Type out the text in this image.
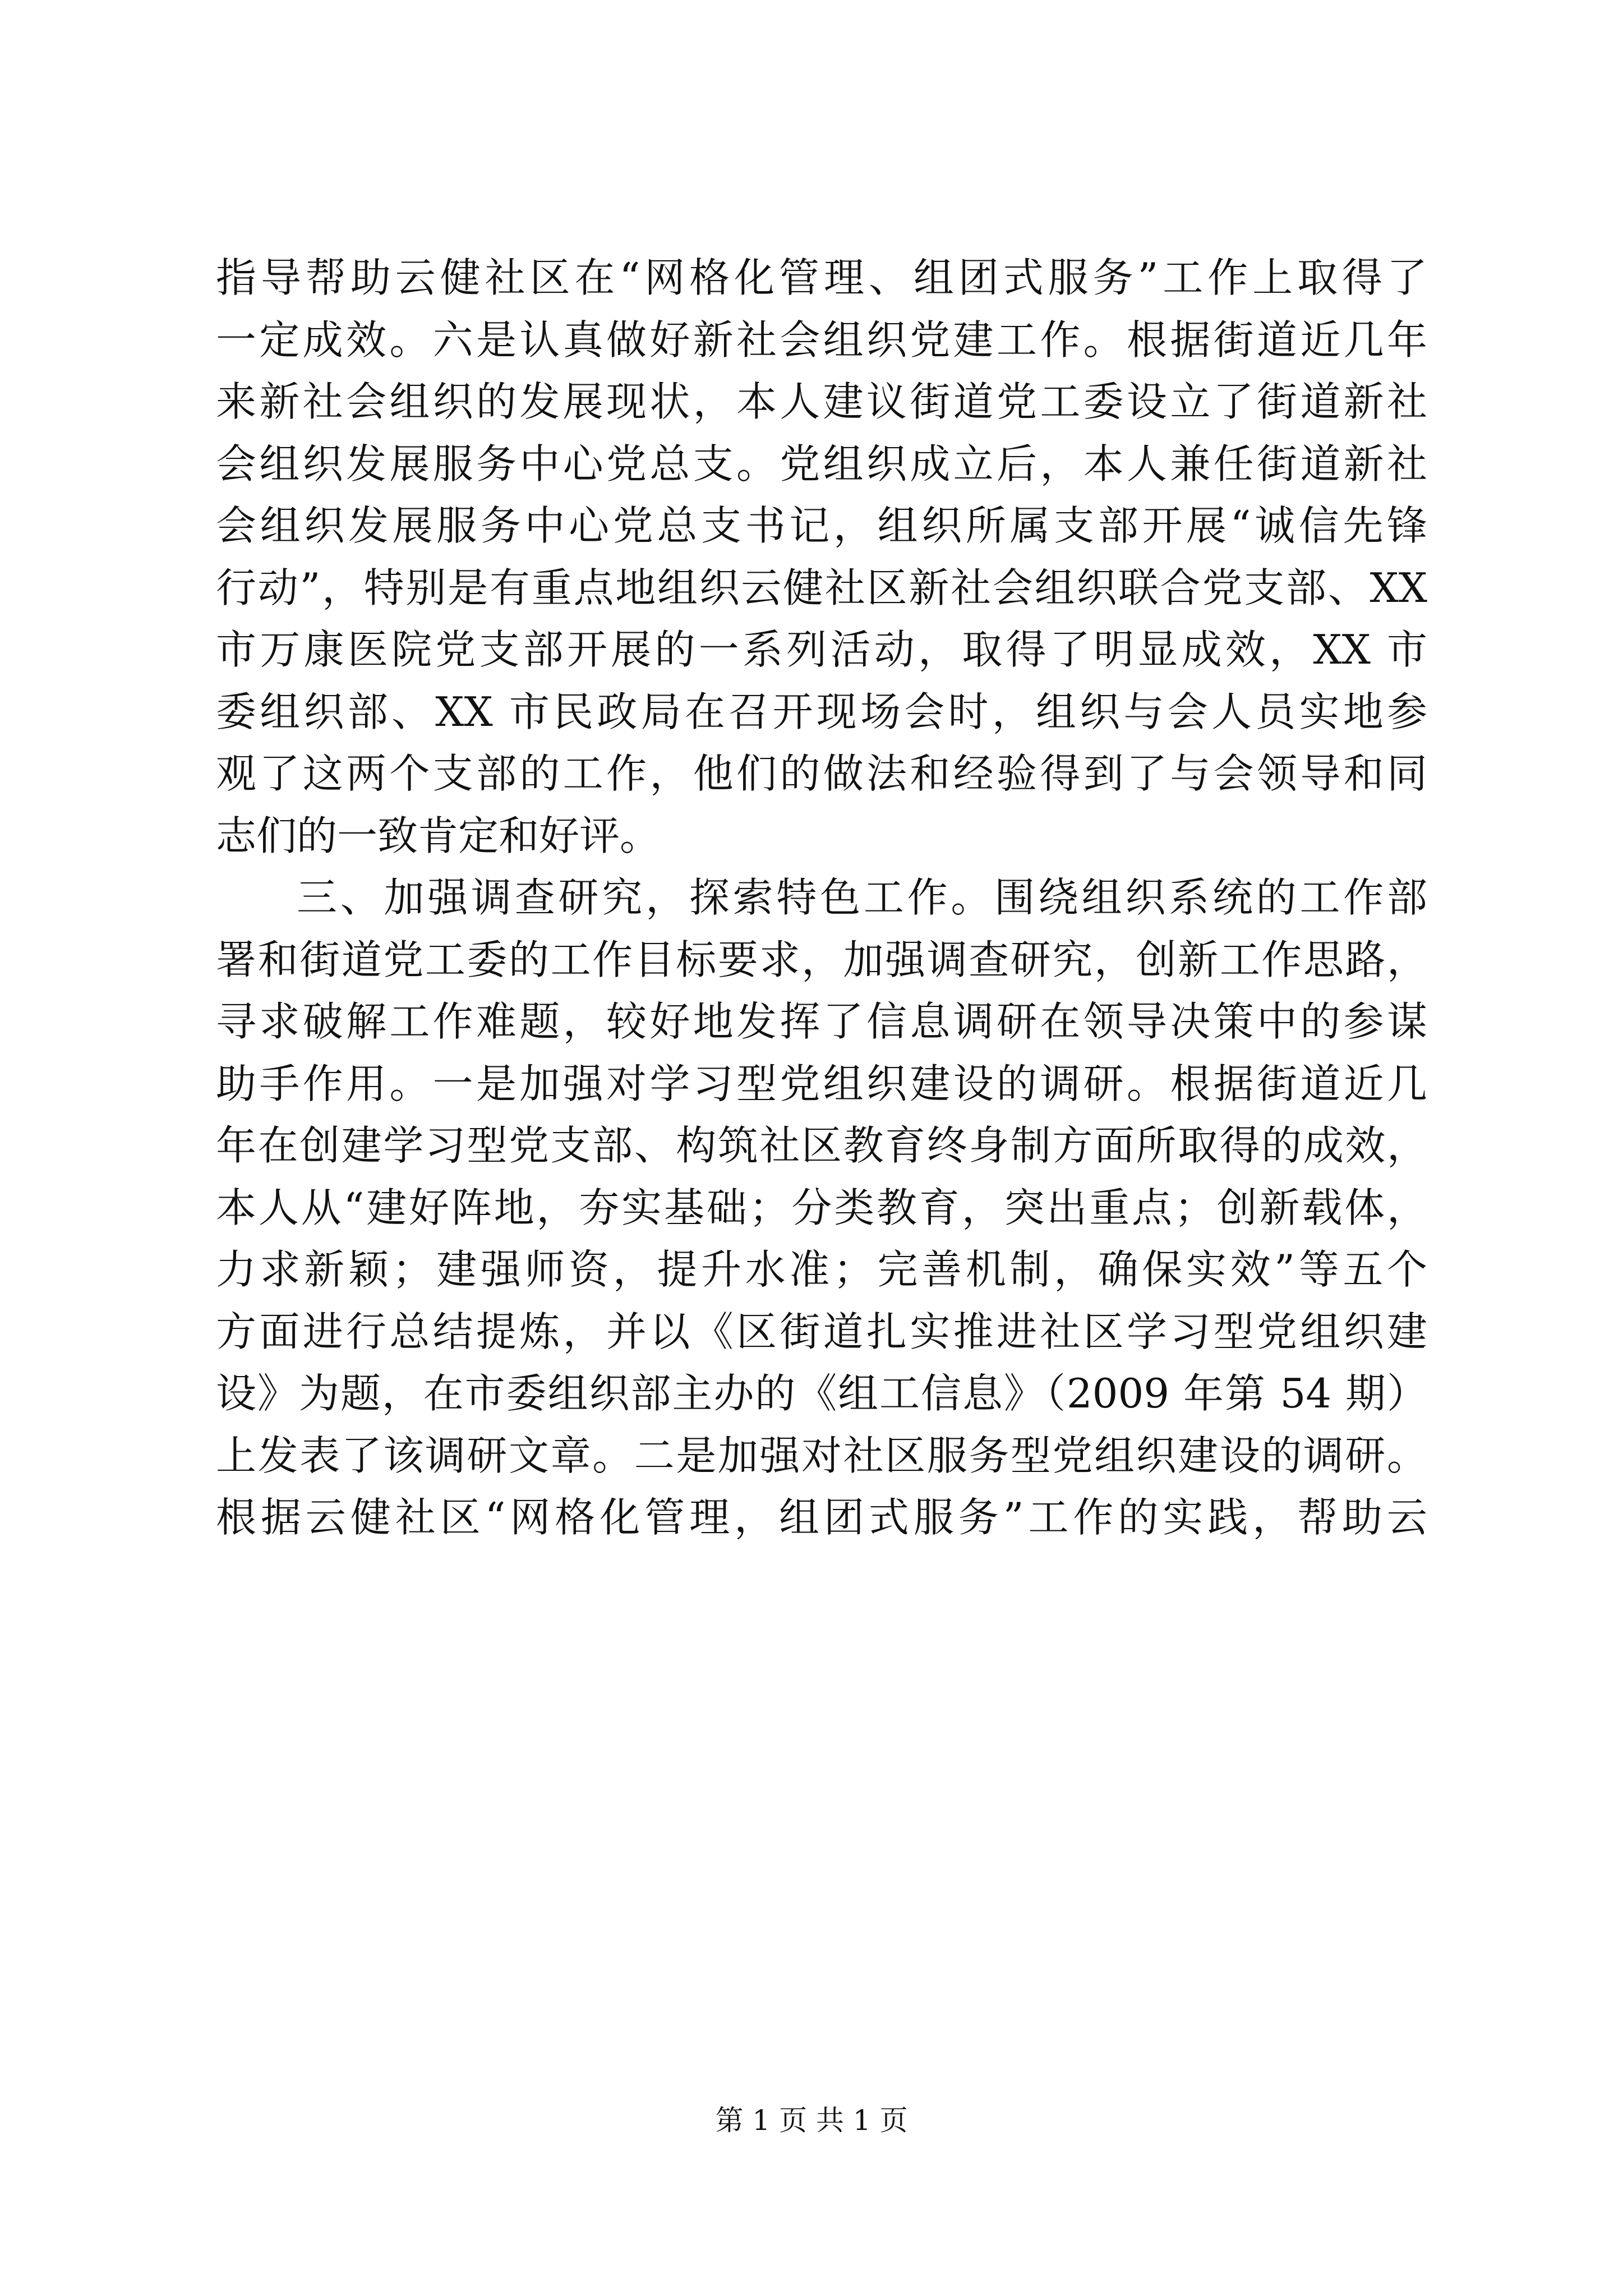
指导帮助云健社区在“网格化管理、组团式服务”工作上取得了
一定成效。六是认真做好新社会组织党建工作。根据街道近几年
来新社会组织的发展现状，本人建议街道党工委设立了街道新社
会组织发展服务中心党总支。党组织成立后，本人兼任街道新社
会组织发展服务中心党总支书记，组织所属支部开展“诚信先锋
行动”，特别是有重点地组织云健社区新社会组织联合党支部、XX
市万康医院党支部开展的一系列活动，取得了明显成效，XX 市
委组织部、XX 市民政局在召开现场会时，组织与会人员实地参
观了这两个支部的工作，他们的做法和经验得到了与会领导和同
志们的一致肯定和好评。
三、加强调查研究，探索特色工作。围绕组织系统的工作部
署和街道党工委的工作目标要求，加强调查研究，创新工作思路，
寻求破解工作难题，较好地发挥了信息调研在领导决策中的参谋
助手作用。一是加强对学习型党组织建设的调研。根据街道近几
年在创建学习型党支部、构筑社区教育终身制方面所取得的成效，
本人从“建好阵地，夯实基础；分类教育，突出重点；创新载体，
力求新颖；建强师资，提升水准；完善机制，确保实效”等五个
方面进行总结提炼，并以《区街道扎实推进社区学习型党组织建
设》为题，在市委组织部主办的《组工信息》（2009 年第 54 期）
上发表了该调研文章。二是加强对社区服务型党组织建设的调研。
根据云健社区“网格化管理，组团式服务”工作的实践，帮助云
第 1 页 共 1 页
